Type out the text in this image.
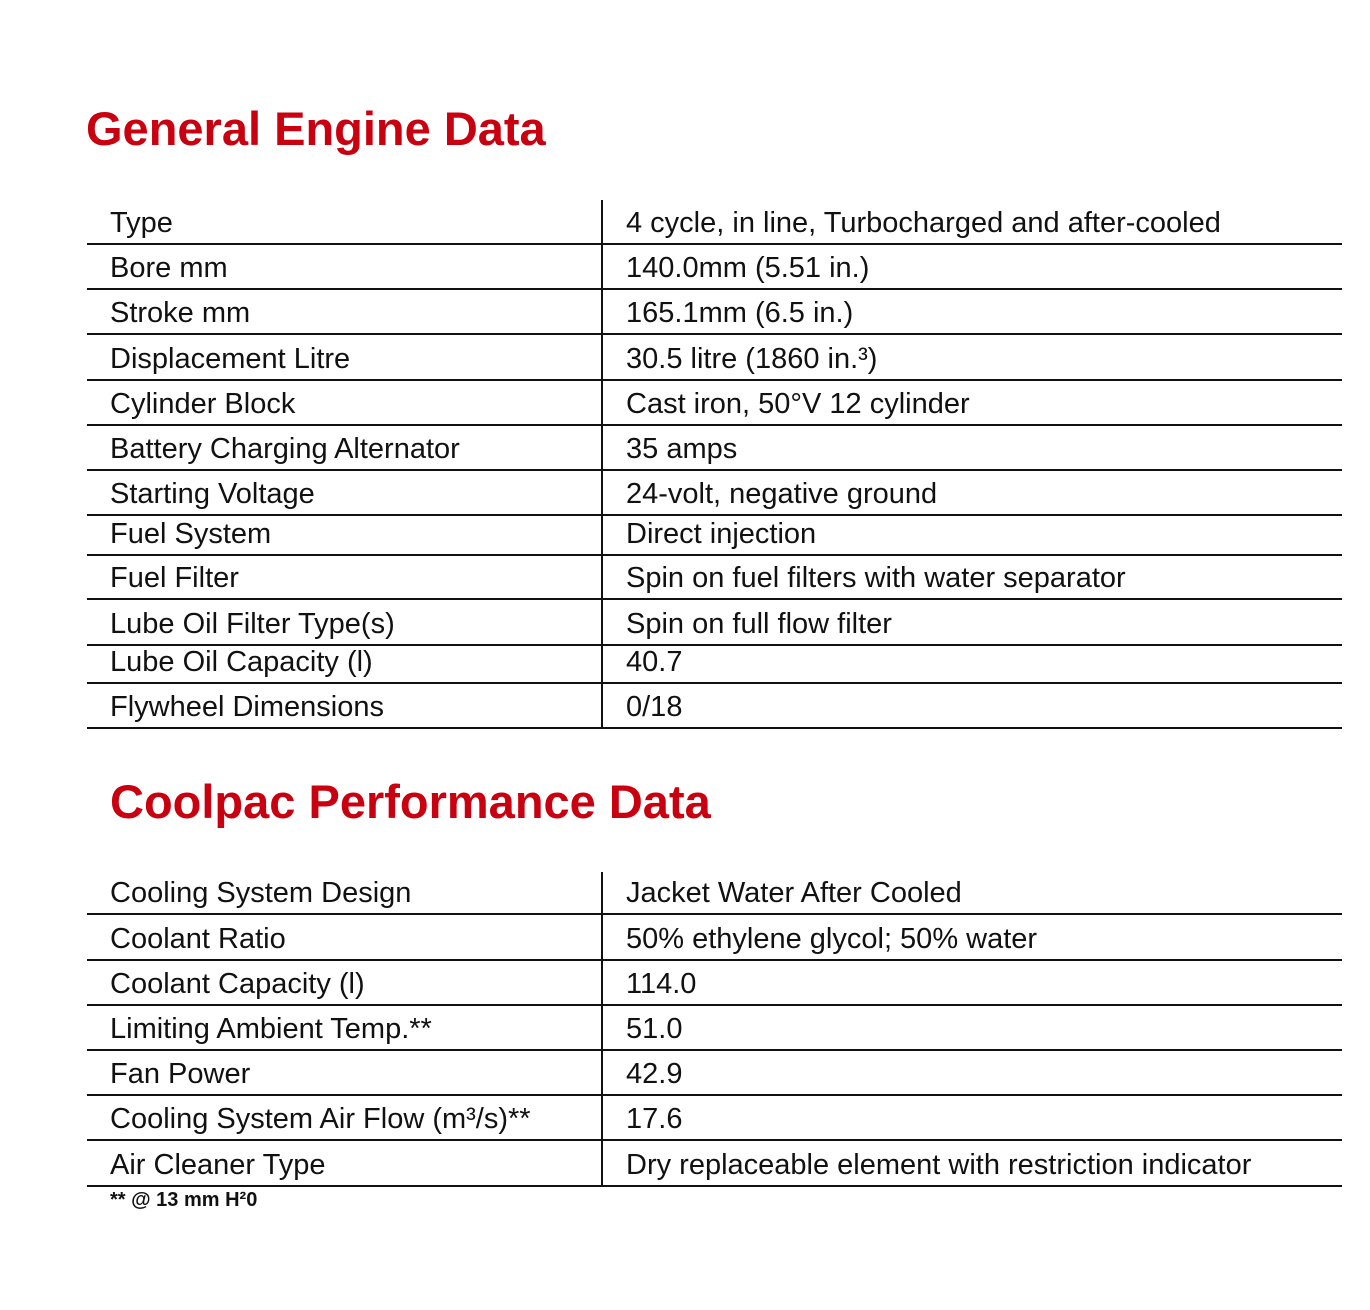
General Engine Data
Type	4 cycle, in line, Turbocharged and after-cooled
Bore mm	140.0mm (5.51 in.)
Stroke mm	165.1mm (6.5 in.)
Displacement Litre	30.5 litre (1860 in.³)
Cylinder Block	Cast iron, 50°V 12 cylinder
Battery Charging Alternator	35 amps
Starting Voltage	24-volt, negative ground
Fuel System	Direct injection
Fuel Filter	Spin on fuel filters with water separator
Lube Oil Filter Type(s)	Spin on full flow filter
Lube Oil Capacity (l)	40.7
Flywheel Dimensions	0/18
Coolpac Performance Data
Cooling System Design	Jacket Water After Cooled
Coolant Ratio	50% ethylene glycol; 50% water
Coolant Capacity (l)	114.0
Limiting Ambient Temp.**	51.0
Fan Power	42.9
Cooling System Air Flow (m³/s)**	17.6
Air Cleaner Type	Dry replaceable element with restriction indicator

** @ 13 mm H²0
